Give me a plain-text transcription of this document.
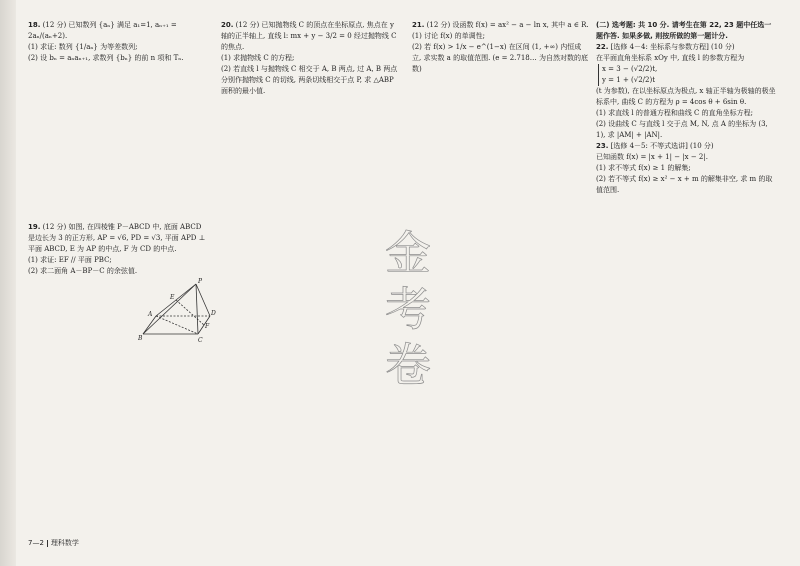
18. (12 分) 已知数列 {aₙ} 满足 a₁=1, aₙ₊₁ = 2aₙ/(aₙ+2).

(1) 求证: 数列 {1/aₙ} 为等差数列;

(2) 设 bₙ = aₙaₙ₊₁, 求数列 {bₙ} 的前 n 项和 Tₙ.

19. (12 分) 如图, 在四棱锥 P－ABCD 中, 底面 ABCD 是边长为 3 的正方形, AP = √6, PD = √3, 平面 APD ⊥ 平面 ABCD, E 为 AP 的中点, F 为 CD 的中点.

(1) 求证: EF // 平面 PBC;

(2) 求二面角 A－BP－C 的余弦值.

P
A
B	C
D
E
F

20. (12 分) 已知抛物线 C 的顶点在坐标原点, 焦点在 y 轴的正半轴上, 直线 l: mx + y − 3/2 = 0 经过抛物线 C 的焦点.

(1) 求抛物线 C 的方程;

(2) 若直线 l 与抛物线 C 相交于 A, B 两点, 过 A, B 两点分别作抛物线 C 的切线, 两条切线相交于点 P, 求 △ABP 面积的最小值.

21. (12 分) 设函数 f(x) = ax² − a − ln x, 其中 a ∈ R.

(1) 讨论 f(x) 的单调性;

(2) 若 f(x) > 1/x − e^(1−x) 在区间 (1, +∞) 内恒成立, 求实数 a 的取值范围. (e = 2.718… 为自然对数的底数)

(二) 选考题: 共 10 分. 请考生在第 22, 23 题中任选一题作答. 如果多做, 则按所做的第一题计分.

22. [选修 4－4: 坐标系与参数方程] (10 分)

在平面直角坐标系 xOy 中, 直线 l 的参数方程为

x = 3 − (√2/2)t,
y = 1 + (√2/2)t

(t 为参数), 在以坐标原点为极点, x 轴正半轴为极轴的极坐标系中, 曲线 C 的方程为 ρ = 4cos θ + 6sin θ.

(1) 求直线 l 的普通方程和曲线 C 的直角坐标方程;

(2) 设曲线 C 与直线 l 交于点 M, N, 点 A 的坐标为 (3, 1), 求 |AM| + |AN|.

23. [选修 4－5: 不等式选讲] (10 分)

已知函数 f(x) = |x + 1| − |x − 2|.

(1) 求不等式 f(x) ≥ 1 的解集;

(2) 若不等式 f(x) ≥ x² − x + m 的解集非空, 求 m 的取值范围.

金
考
卷
7—2 理科数学
